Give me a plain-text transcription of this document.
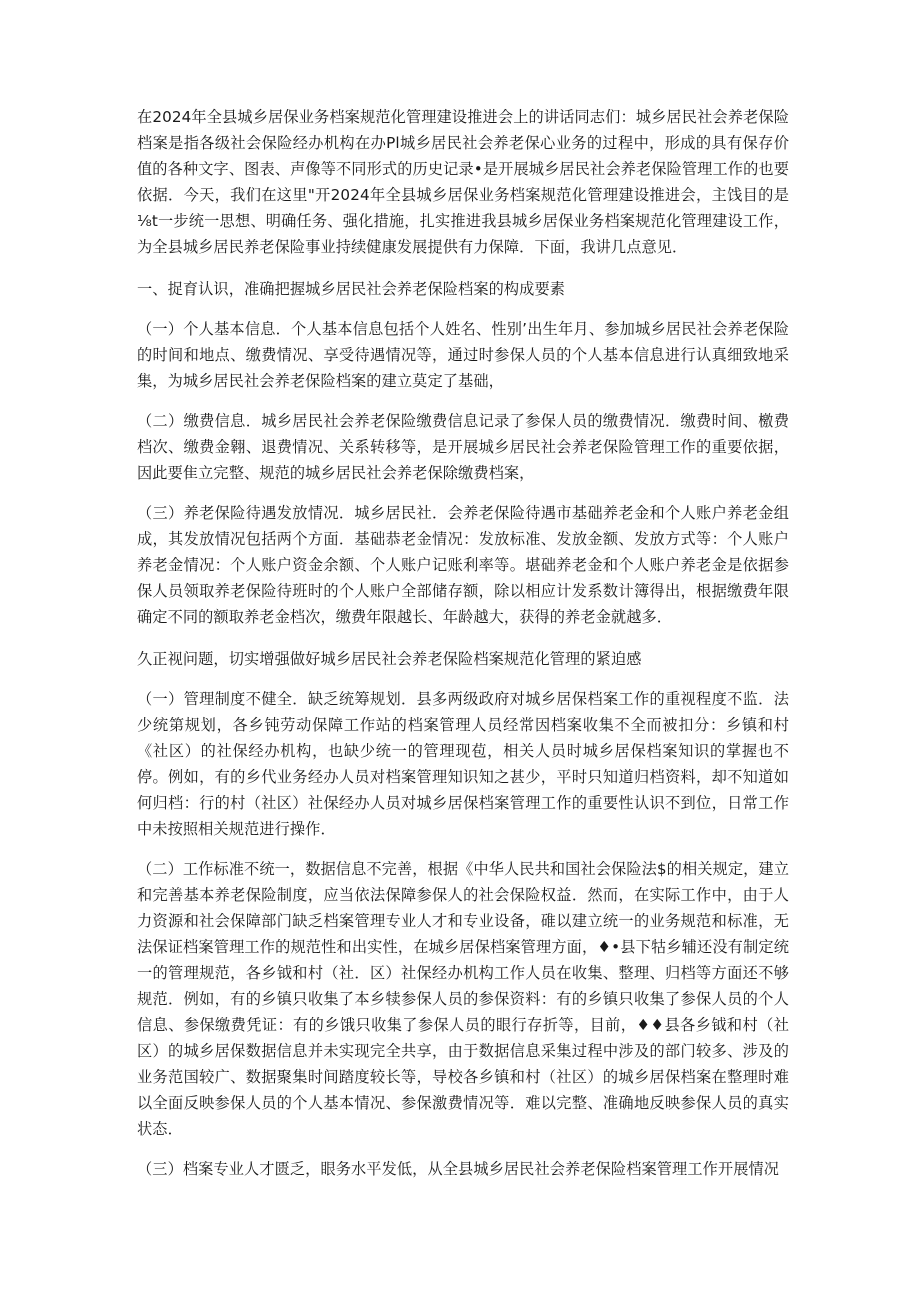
在2024年全县城乡居保业务档案规范化管理建设推进会上的讲话同志们：城乡居民社会养老保险档案是指各级社会保险经办机构在办Pl城乡居民社会养老保心业务的过程中，形成的具有保存价值的各种文字、图表、声像等不同形式的历史记录•是开展城乡居民社会养老保险管理工作的也要依据．今天，我们在这里"开2024年全县城乡居保业务档案规范化管理建设推进会，主饯目的是⅛t一步统一思想、明确任务、强化措施，扎实推进我县城乡居保业务档案规范化管理建设工作，为全县城乡居民养老保险事业持续健康发展提供有力保障．下面，我讲几点意见．

一、捉育认识，准确把握城乡居民社会养老保险档案的构成要素

（一）个人基本信息．个人基本信息包括个人姓名、性别’出生年月、参加城乡居民社会养老保险的时间和地点、缴费情况、享受待遇情况等，通过时参保人员的个人基本信息进行认真细致地采集，为城乡居民社会养老保险档案的建立莫定了基础，

（二）缴费信息．城乡居民社会养老保险缴费信息记录了参保人员的缴费情况．缴费时间、檄费档次、缴费金翱、退费情况、关系转移等，是开展城乡居民社会养老保险管理工作的重要依据，因此要隹立完整、规范的城乡居民社会养老保除缴费档案，

（三）养老保险待遇发放情况．城乡居民社．会养老保险待遇市基础养老金和个人账户养老金组成，其发放情况包括两个方面．基础恭老金情况：发放标准、发放金额、发放方式等：个人账户养老金情况：个人账户资金余额、个人账户记账利率等。堪础养老金和个人账户养老金是依据参保人员领取养老保险待班时的个人账户全部储存额，除以相应计发系数计簿得出，根据缴费年限确定不同的额取养老金档次，缴费年限越长、年龄越大，获得的养老金就越多．

久正视问题，切实增强做好城乡居民社会养老保险档案规范化管理的紧迫感

（一）管理制度不健全．缺乏统筹规划．县多两级政府对城乡居保档案工作的重视程度不监．法少统第规划，各乡钝劳动保障工作站的档案管理人员经常因档案收集不全而被扣分：乡镇和村《社区）的社保经办机构，也缺少统一的管理现苞，相关人员时城乡居保档案知识的掌握也不停。例如，有的乡代业务经办人员对档案管理知识知之甚少，平时只知道归档资料，却不知道如何归档：行的村（社区）社保经办人员对城乡居保档案管理工作的重要性认识不到位，日常工作中未按照相关规范进行操作．

（二）工作标准不统一，数据信息不完善，根据《中华人民共和国社会保险法$的相关规定，建立和完善基本养老保险制度，应当依法保障参保人的社会保险权益．然而，在实际工作中，由于人力资源和社会保障部门缺乏档案管理专业人才和专业设备，碓以建立统一的业务规范和标准，无法保证档案管理工作的规范性和出实性，在城乡居保档案管理方面，♦•县下牯乡辅还没有制定统一的管理规范，各乡钺和村（社．区）社保经办机构工作人员在收集、整理、归档等方面还不够规范．例如，有的乡镇只收集了本乡犊参保人员的参保资料：有的乡镇只收集了参保人员的个人信息、参保缴费凭证：有的乡饿只收集了参保人员的眼行存折等，目前，♦♦县各乡钺和村（社区）的城乡居保数据信息并未实现完全共享，由于数据信息采集过程中涉及的部门较多、涉及的业务范国较广、数据聚集时间踏度较长等，导校各乡镇和村（社区）的城乡居保档案在整理时难以全面反映参保人员的个人基本情况、参保激费情况等．难以完整、准确地反映参保人员的真实状态．

（三）档案专业人才匮乏，眼务水平发低，从全县城乡居民社会养老保险档案管理工作开展情况
